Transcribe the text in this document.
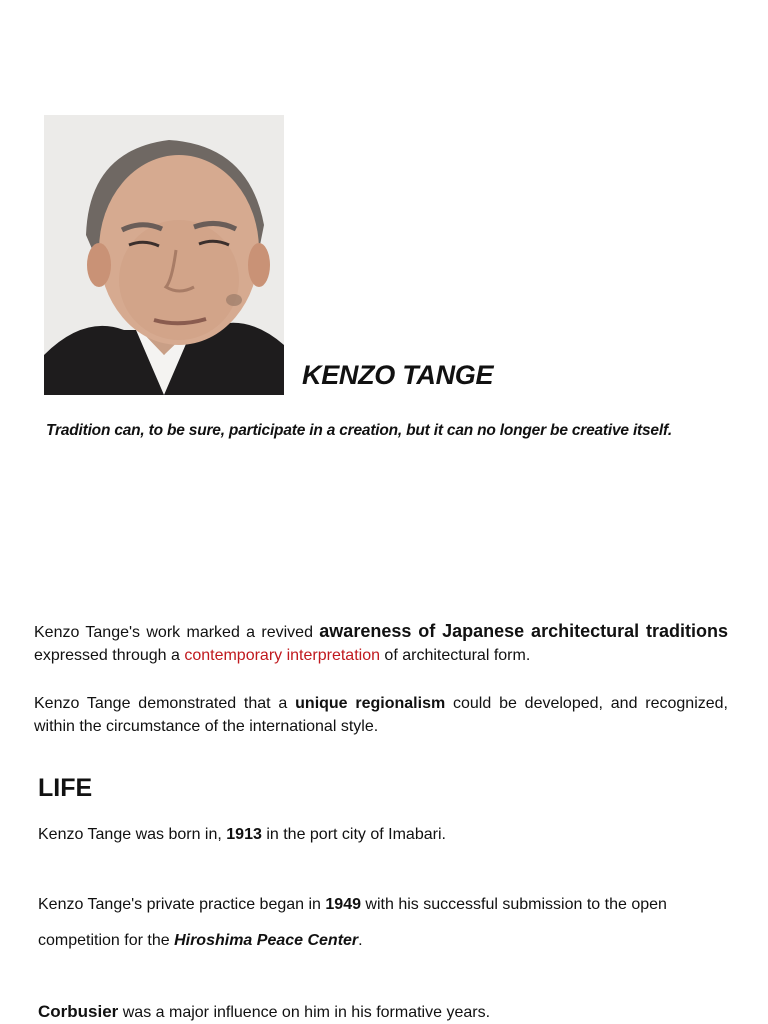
KENZO TANGE
Tradition can, to be sure, participate in a creation, but it can no longer be creative itself.
Kenzo Tange's work marked a revived awareness of Japanese architectural traditions expressed through a contemporary interpretation of architectural form.
Kenzo Tange demonstrated that a unique regionalism could be developed, and recognized, within the circumstance of the international style.
LIFE
Kenzo Tange was born in, 1913 in the port city of Imabari.
Kenzo Tange's private practice began in 1949 with his successful submission to the open
competition for the Hiroshima Peace Center.
Corbusier was a major influence on him in his formative years.
